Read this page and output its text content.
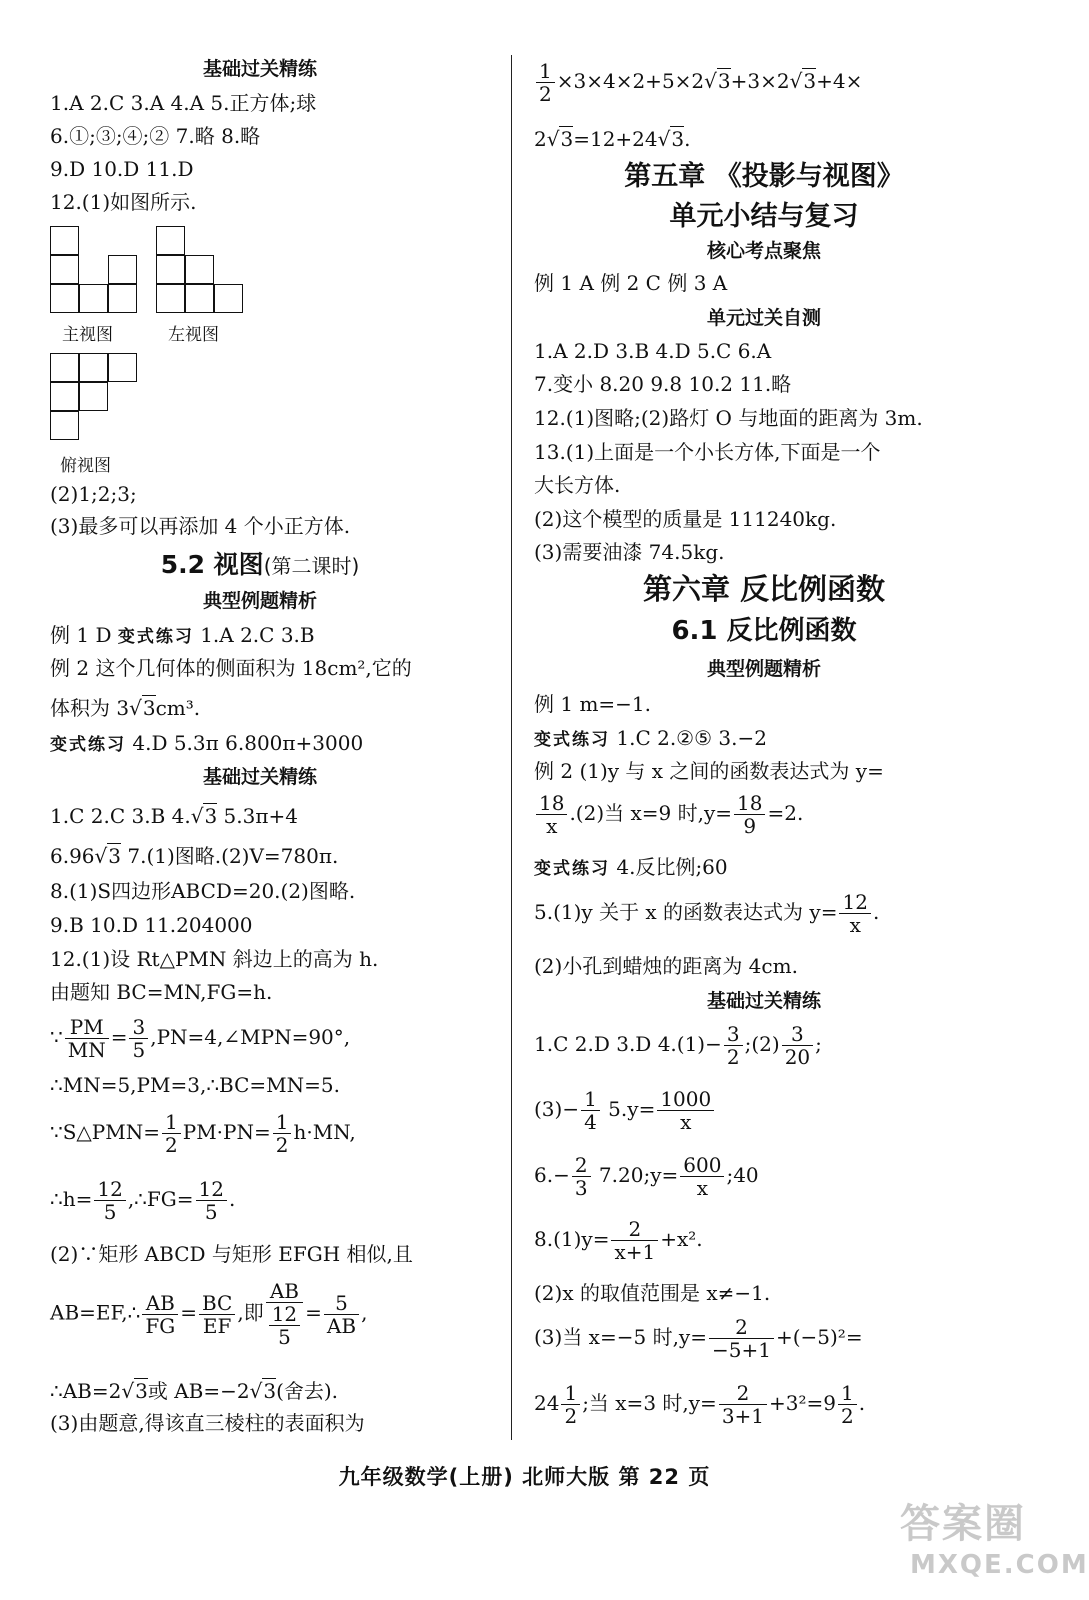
基础过关精练
1.A 2.C 3.A 4.A 5.正方体;球
6.①;③;④;② 7.略 8.略
9.D 10.D 11.D
12.(1)如图所示.
主视图	左视图
俯视图
(2)1;2;3;
(3)最多可以再添加 4 个小正方体.
5.2 视图(第二课时)
典型例题精析
例 1 D 变式练习 1.A 2.C 3.B
例 2 这个几何体的侧面积为 18cm²,它的
体积为 3√3cm³.
变式练习 4.D 5.3π 6.800π+3000
基础过关精练
1.C 2.C 3.B 4.√3 5.3π+4
6.96√3 7.(1)图略.(2)V=780π.
8.(1)S四边形ABCD=20.(2)图略.
9.B 10.D 11.204000
12.(1)设 Rt△PMN 斜边上的高为 h.
由题知 BC=MN,FG=h.
∵ $\frac{PM}{MN} = \frac{3}{5}$ ,PN=4,∠MPN=90°,
∴MN=5,PM=3,∴BC=MN=5.
∵S△PMN= $\frac{1}{2} PM\cdot PN= \frac{1}{2} h\cdot MN$,
∴h= $\frac{12}{5}$ ,∴FG= $\frac{12}{5}$ .
(2)∵矩形 ABCD 与矩形 EFGH 相似,且
AB=EF,∴ $\frac{AB}{FG} = \frac{BC}{EF}$ ,即 AB
12
$5 = \frac{5}{AB}$ ,
∴AB=2√3或 AB=−2√3(舍去).
(3)由题意,得该直三棱柱的表面积为
$\frac{1}{2} \times 3\times 4\times 2+5\times 2√3+3\times 2√3+4\times$
2√3=12+24√3.
第五章 《投影与视图》
单元小结与复习
核心考点聚焦
例 1 A 例 2 C 例 3 A
单元过关自测
1.A 2.D 3.B 4.D 5.C 6.A
7.变小 8.20 9.8 10.2 11.略
12.(1)图略;(2)路灯 O 与地面的距离为 3m.
13.(1)上面是一个小长方体,下面是一个
大长方体.
(2)这个模型的质量是 111240kg.
(3)需要油漆 74.5kg.
第六章 反比例函数
6.1 反比例函数
典型例题精析
例 1 m=−1.
变式练习 1.C 2.②⑤ 3.−2
例 2 (1)y 与 x 之间的函数表达式为 y=
$\frac{18}{x} .(2)$当 x=9 时$,y= \frac{18}{9} =2$.
变式练习 4.反比例;60
5.(1)y 关于 x 的函数表达式为 $y= \frac{12}{x}$ .
(2)小孔到蜡烛的距离为 4cm.
基础过关精练
1.C 2.D 3.D $4.(1)- \frac{3}{2}$ ;(2) $\frac{3}{20}$ ;
$(3)- \frac{1}{4} 5.y= \frac{1000}{x}$
$6.- \frac{2}{3}$ 7.20;y= $\frac{600}{x}$ ;40
$8.(1)y= \frac{2}{x+1} +x^2$.
(2)x 的取值范围是 x≠−1.
(3)当 x=−5 时$,y= \frac{2}{-5+1} +(-5)^2=$
$24 \frac{1}{2}$ ;当 x=3 时$,y= \frac{2}{3+1} +3^2=9 \frac{1}{2}$ .
九年级数学(上册) 北师大版 第 22 页
答案圈
MXQE.COM
